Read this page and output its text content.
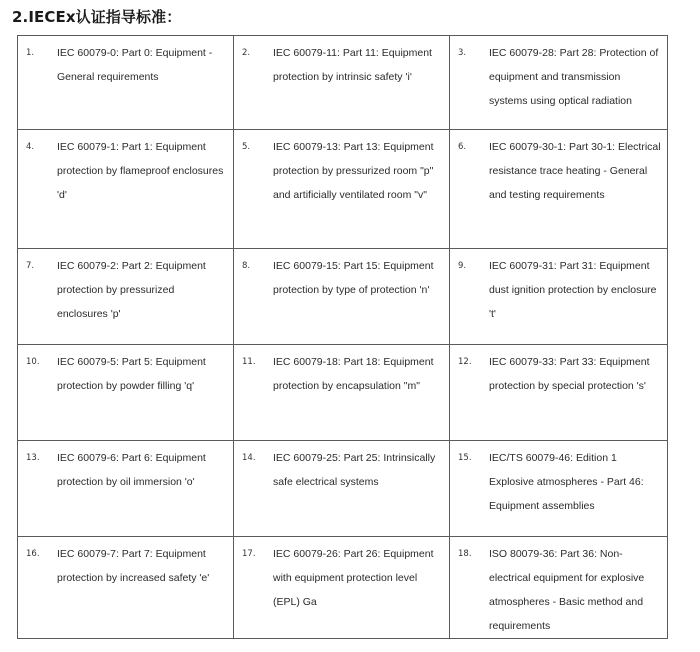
2.IECEx认证指导标准：
1. IEC 60079-0: Part 0: Equipment - General requirements	2. IEC 60079-11: Part 11: Equipment protection by intrinsic safety 'i'	3. IEC 60079-28: Part 28: Protection of equipment and transmission systems using optical radiation

4. IEC 60079-1: Part 1: Equipment protection by flameproof enclosures 'd'	5. IEC 60079-13: Part 13: Equipment protection by pressurized room "p" and artificially ventilated room "v"	6. IEC 60079-30-1: Part 30-1: Electrical resistance trace heating - General and testing requirements

7. IEC 60079-2: Part 2: Equipment protection by pressurized enclosures 'p'	8. IEC 60079-15: Part 15: Equipment protection by type of protection 'n'	9. IEC 60079-31: Part 31: Equipment dust ignition protection by enclosure 't'

10. IEC 60079-5: Part 5: Equipment protection by powder filling 'q'	11. IEC 60079-18: Part 18: Equipment protection by encapsulation "m"	12. IEC 60079-33: Part 33: Equipment protection by special protection 's'

13. IEC 60079-6: Part 6: Equipment protection by oil immersion 'o'	14. IEC 60079-25: Part 25: Intrinsically safe electrical systems	15. IEC/TS 60079-46: Edition 1 Explosive atmospheres - Part 46: Equipment assemblies

16. IEC 60079-7: Part 7: Equipment protection by increased safety 'e'	17. IEC 60079-26: Part 26: Equipment with equipment protection level (EPL) Ga	18. ISO 80079-36: Part 36: Non-electrical equipment for explosive atmospheres - Basic method and requirements
